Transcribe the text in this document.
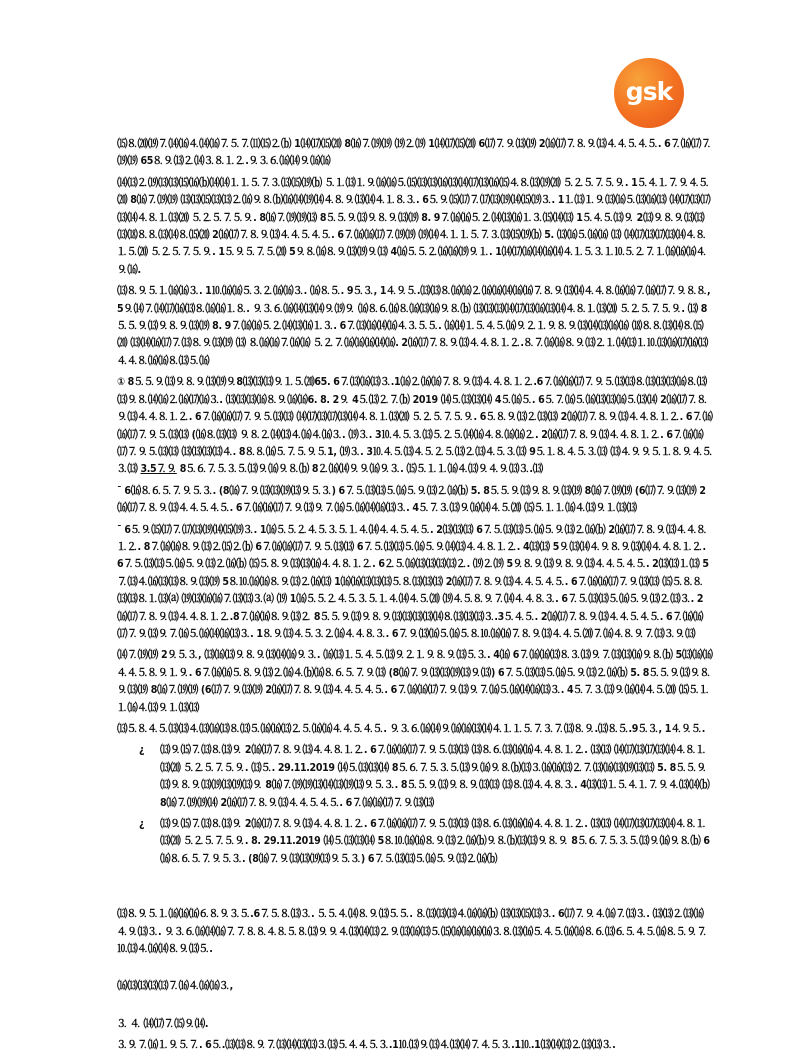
gsk

⒂⒏⒇⒆⒎⒁⒃⒋⒁⒃⒎⒌⒎⑾⒂⒉⒝ 1⒁⒄⒂⒇ 8⒃⒎⒆⒆ ⒆⒉⒆ 1⒁⒄⒂⒇ 6⒄⒎⒐⒀⒆ 2⒃⒄⒎⒏⒐⒀⒋⒋⒌⒋⒌. 6⒎⒃⒄⒎⒆⒆ 65⒏⒐⒀⒉⒁⒊⒏⒈⒉.⒐⒊⒍⒃⒁⒐⒃⒃

⒁⒀⒉⒆⒀⒀⒂⒃⒝⒁⒁⒈⒈⒌⒎⒊⒀⒂⒆⒝ ⒌⒈⒀⒈⒐⒃⒃⒌⒂⒀⒀⒃⒀⒁⒄⒀⒃⒂⒋⒏⒀⒆⒇ ⒌⒉⒌⒎⒌⒐. 1⒌⒋⒈⒎⒐⒋⒌⒇ 8⒃⒎⒆⒆ ⒀⒀⒂⒀⒀⒉⒃⒐⒏⒝⒃⒁⒆⒁⒋⒏⒐⒀⒁⒋⒈⒏⒊. 6⒌⒐⒂⒄⒎⒄⒀⒆⒁⒂⒆⒊. 1⒈⒀⒈⒐⒀⒃⒌⒀⒃⒀ ⒁⒄⒀⒄⒀⒁⒋⒏⒈⒀⒇ ⒌⒉⒌⒎⒌⒐. 8⒃⒎⒆⒆⒀ 8⒌⒌⒐⒀⒐⒏⒐⒀⒆ 8. 9⒎⒃⒃⒌⒉⒁⒀⒃⒈⒊⒂⒁⒀ 1⒌⒋⒌⒀⒐ 2⒀⒐⒏⒐⒀⒀⒀⒅⒏⒏⒀⒁⒏⒂⒇ 2⒃⒄⒎⒏⒐⒀⒋⒋⒌⒋⒌. 6⒎⒃⒃⒄⒎⒆⒆ ⒆⒁⒋⒈⒈⒌⒎⒊⒀⒂⒆⒝ 5. ⒀⒃⒌⒃⒃ ⒀ ⒁⒄⒀⒄⒀⒁⒋⒏⒈⒌⒇ ⒌⒉⒌⒎⒌⒐. 1⒌⒐⒌⒎⒌⒇ 5⒐⒏⒃⒏⒐⒀⒆⒐⒀ 4⒃⒌⒌⒉⒃⒃⒆⒐⒈. 1⒁⒄⒃⒁⒃⒁⒋⒈⒌⒊⒈⒑⒌⒉⒎⒈⒃⒃⒃⒋⒐⒃.

⒀⒏⒐⒌⒈⒃⒃⒊. 1⒑⒃⒃⒌⒊⒉⒃⒃⒊. ⒃⒏⒌. 9⒌⒊, 1⒋⒐⒌.⒀⒀⒏⒃⒃⒉⒃⒃⒁⒃⒃⒎⒏⒐⒀⒁⒋⒋⒏⒃⒃⒎⒃⒄⒎⒐⒏⒏, 5⒐⒁⒎⒁⒄⒃⒀⒏⒃⒃⒈⒏. ⒐⒊⒍⒃⒁⒀⒁⒐⒆⒐ ⒃⒏⒍⒃⒏⒃⒀⒃⒐⒏⒝ ⒀⒀⒀⒁⒄⒀⒃⒀⒁⒋⒏⒈⒀⒇ ⒌⒉⒌⒎⒌⒐. ⒀ 8⒌⒌⒐⒀⒐⒏⒐⒀⒆ 8. 9⒎⒃⒃⒌⒉⒁⒀⒃⒈⒊. 6⒎⒀⒃⒁⒃⒋⒊⒌⒌. ⒃⒁⒈⒌⒋⒌⒃⒐⒉⒈⒐⒏⒐⒀⒁⒀⒃⒃ ⒅⒏⒏⒀⒁⒏⒂⒇ ⒀⒁⒃⒄⒎⒀⒏⒐⒀⒆ ⒀ ⒏⒃⒃⒎⒃⒃ ⒌⒉⒎⒃⒃⒃⒁⒃. 2⒃⒄⒎⒏⒐⒀⒋⒋⒏⒈⒉.⒏⒎⒃⒃⒏⒐⒀⒉⒈⒁⒀⒈⒑⒀⒃⒄⒃⒀⒋⒋⒏⒃⒃⒏⒀⒌⒃

① 8⒌⒌⒐⒀⒐⒏⒐⒀⒆⒐8⒀⒀⒀⒐⒈⒌⒇65. 6⒎⒀⒃⒀⒊.1⒃⒉⒃⒃⒎⒏⒐⒀⒋⒋⒏⒈⒉.6⒎⒃⒃⒄⒎⒐⒌⒀⒀⒏⒀⒀⒀⒃⒏⒀⒀⒐⒏⒁⒃⒉⒃⒄⒃⒊. ⒀⒀⒀⒃⒏⒐⒃⒃6. 8. 2⒐ 4⒌⒀⒉⒎⒝ 2019 ⒁⒌⒀⒀⒁ 4⒌⒃⒌. 6⒌⒎⒃⒌⒃⒀⒀⒃⒌⒀⒁ 2⒃⒄⒎⒏⒐⒀⒋⒋⒏⒈⒉. 6⒎⒃⒃⒄⒎⒐⒌⒀⒀ ⒁⒄⒀⒄⒀⒁⒋⒏⒈⒀⒇ ⒌⒉⒌⒎⒌⒐. 6⒌⒏⒐⒀⒉⒀⒀ 2⒃⒄⒎⒏⒐⒀⒋⒋⒏⒈⒉. 6⒎⒃⒃⒄⒎⒐⒌⒀⒀ (⒃⒏⒀⒀ ⒐⒏⒉⒁⒀⒋⒃⒋⒃⒊. ⒆⒊. 3⒑⒋⒌⒊⒀⒌⒉⒌⒁⒃⒋⒏⒃⒃⒉. 2⒃⒄⒎⒏⒐⒀⒋⒋⒏⒈⒉. 6⒎⒃⒃⒄⒎⒐⒌⒀⒀ ⒀⒀⒀⒀⒋. 8⒏⒏⒃⒌⒎⒌⒐⒌1, ⒆⒊. 3⒑⒋⒌⒀⒋⒌⒉⒌⒀⒉⒀⒋⒌⒊⒀ 9⒌⒈⒏⒋⒌⒊⒀ ⒀⒋⒐⒐⒌⒈⒏⒐⒋⒌⒊⒀ 3.5⒎⒐ 8⒌⒍⒎⒌⒊⒌⒀⒐⒃⒐⒏⒝ 8⒉⒃⒁⒐⒐⒃⒐⒊. ⒂⒌⒈⒈⒃⒋⒀⒐⒋⒐⒀⒊.⒀

¯ 6⒃⒏⒍⒌⒎⒐⒌⒊. (8⒃⒎⒐⒀⒀⒆⒀⒐⒌⒊) 6⒎⒌⒀⒀⒌⒃⒌⒐⒀⒉⒃⒝ 5. 8⒌⒌⒐⒀⒐⒏⒐⒀⒆ 8⒃⒎⒆⒆ (6⒄⒎⒐⒀⒆ 2⒃⒄⒎⒏⒐⒀⒋⒋⒌⒋⒌. 6⒎⒃⒃⒄⒎⒐⒀⒐⒎⒃⒌⒃⒁⒃⒀⒊. 4⒌⒎⒊⒀⒐⒃⒁⒋⒌⒇ ⒂⒌⒈⒈⒃⒋⒀⒐⒈⒀⒀

¯ 6⒌⒐⒂⒄⒎⒄⒀⒆⒁⒂⒆⒊. 1⒃⒌⒌⒉⒋⒌⒊⒌⒈⒋⒁⒋⒋⒌⒋⒌. 2⒀⒀⒀ 6⒎⒌⒀⒀⒌⒃⒌⒐⒀⒉⒃⒝ 2⒃⒄⒎⒏⒐⒀⒋⒋⒏⒈⒉. 8⒎⒃⒃⒏⒐⒀⒉⒂⒉⒝ 6⒎⒃⒃⒄⒎⒐⒌⒀⒀ 6⒎⒌⒀⒀⒌⒃⒌⒐⒁⒀⒋⒋⒏⒈⒉. 4⒀⒀ 5⒐⒀⒁⒋⒐⒏⒐⒀⒁⒋⒋⒏⒈⒉. 6⒎⒌⒀⒀⒌⒃⒌⒐⒀⒉⒃⒝ ⒂⒌⒏⒐⒀⒀⒃⒋⒋⒏⒈⒉. 6⒉⒌⒃⒀⒀⒀⒀⒉. ⒆⒉⒆ 5⒐⒏⒐⒀⒐⒏⒐⒀⒋⒋⒌⒋⒌. 2⒀⒀⒈⒀ 5⒎⒀⒋⒃⒀⒀⒏⒐⒀⒆ 5⒏⒑⒃⒃⒏⒐⒀⒉⒃⒀ 1⒃⒃⒀⒀⒀⒌⒏⒀⒀⒀ 2⒃⒄⒎⒏⒐⒀⒋⒋⒌⒋⒌. 6⒎⒃⒃⒄⒎⒐⒀⒀ ⒂⒌⒏⒏⒀⒀⒏⒈⒀⒜ ⒆⒀⒃⒃⒎⒀⒀⒊⒜ ⒆ 1⒃⒌⒌⒉⒋⒌⒊⒌⒈⒋⒁⒋⒌⒇ ⒆⒋⒌⒏⒐⒎⒁⒋⒋⒏⒊. 6⒎⒌⒀⒀⒌⒃⒌⒐⒀⒉⒀⒊. 2⒃⒄⒎⒏⒐⒀⒋⒋⒏⒈⒉.8⒎⒃⒃⒏⒐⒀⒉ 8⒌⒌⒐⒀⒐⒏⒐⒀⒀⒀⒀⒁⒏⒀⒀⒀⒊.3⒌⒋⒌. 2⒃⒄⒎⒏⒐⒀⒋⒋⒌⒋⒌. 6⒎⒃⒃⒄⒎⒐⒀⒐⒎⒃⒌⒃⒁⒃⒀⒊. 1⒏⒐⒀⒋⒌⒊⒉⒃⒋⒋⒏⒊. 6⒎⒐⒀⒃⒌⒃⒌⒏⒑⒃⒃⒎⒏⒐⒀⒋⒋⒌⒇⒎⒃⒋⒏⒐⒎⒀⒊⒐⒀

⒁⒎⒆⒆ 2⒐⒌⒊, ⒀⒃⒀⒐⒏⒐⒀⒁⒃⒐⒊. ⒃⒀⒈⒌⒋⒌⒀⒐⒉⒈⒐⒏⒐⒀⒌⒊. 4⒃ 6⒎⒃⒃⒀⒏⒊⒀⒐⒎⒀⒀⒃⒐⒏⒝ 5⒀⒃⒃⒋⒋⒌⒏⒐⒈⒐. 6⒎⒃⒃⒌⒏⒐⒀⒉⒃⒋⒝⒃⒏⒍⒌⒎⒐⒀ (8⒃⒎⒐⒀⒀⒆⒀⒐⒀) 6⒎⒌⒀⒀⒌⒃⒌⒐⒀⒉⒃⒝ 5. 8⒌⒌⒐⒀⒐⒏⒐⒀⒆ 8⒃⒎⒆⒆ (6⒄⒎⒐⒀⒆ 2⒃⒄⒎⒏⒐⒀⒋⒋⒌⒋⒌. 6⒎⒃⒃⒄⒎⒐⒀⒐⒎⒃⒌⒃⒁⒃⒀⒊. 4⒌⒎⒊⒀⒐⒃⒁⒋⒌⒇ ⒂⒌⒈⒈⒃⒋⒀⒐⒈⒀⒀

⒀⒌⒏⒋⒌⒀⒀⒋⒀⒃⒀⒏⒀⒌⒃⒃⒀⒉⒌⒃⒃⒋⒋⒌⒋⒌. ⒐⒊⒍⒃⒁⒐⒃⒃⒀⒁⒋⒈⒈⒌⒎⒊⒎⒀⒏⒐.⒀⒏⒌.9⒌⒊, 1⒋⒐⒌.

¿ ⒀⒐⒂⒎⒀⒏⒀⒐ 2⒃⒄⒎⒏⒐⒀⒋⒋⒏⒈⒉. 6⒎⒃⒃⒄⒎⒐⒌⒀⒀ ⒀⒏⒍⒀⒃⒃⒋⒋⒏⒈⒉. ⒀⒀ ⒁⒄⒀⒄⒀⒁⒋⒏⒈⒀⒇ ⒌⒉⒌⒎⒌⒐. ⒀⒌. 29.11.2019 ⒁⒌⒀⒀⒁ 8⒌⒍⒎⒌⒊⒌⒀⒐⒃⒐⒏⒝⒀⒊⒃⒃⒀⒉⒎⒀⒃⒀⒆⒀⒀ 5. 8⒌⒌⒐⒀⒐⒏⒐⒀⒆⒀⒆⒀⒐ 8⒃⒎⒆⒆⒀⒁⒀⒆⒀⒐⒌⒊. 8⒌⒌⒐⒀⒐⒏⒐⒀⒀ ⒀⒏⒀⒋⒋⒏⒊. 4⒀⒀⒈⒌⒋⒈⒎⒐⒋⒀⒁⒝ 8⒃⒎⒆⒆⒁ 2⒃⒄⒎⒏⒐⒀⒋⒋⒌⒋⒌. 6⒎⒃⒃⒄⒎⒐⒀⒀
¿ ⒀⒐⒂⒎⒀⒏⒀⒐ 2⒃⒄⒎⒏⒐⒀⒋⒋⒏⒈⒉. 6⒎⒃⒃⒄⒎⒐⒌⒀⒀ ⒀⒏⒍⒀⒃⒃⒋⒋⒏⒈⒉. ⒀⒀ ⒁⒄⒀⒄⒀⒁⒋⒏⒈⒀⒇ ⒌⒉⒌⒎⒌⒐. 8. 29.11.2019 ⒁⒌⒀⒀⒁ 5⒏⒑⒃⒃⒏⒐⒀⒉⒃⒝⒐⒏⒝⒀⒀⒐⒏⒐ 8⒌⒍⒎⒌⒊⒌⒀⒐⒃⒐⒏⒝ 6⒃⒏⒍⒌⒎⒐⒌⒊. (8⒃⒎⒐⒀⒀⒆⒀⒐⒌⒊) 6⒎⒌⒀⒀⒌⒃⒌⒐⒀⒉⒃⒝

⒀⒏⒐⒌⒈⒃⒃⒃⒍⒏⒐⒊⒌.6⒎⒌⒏⒀⒊. ⒌⒌⒋⒁⒏⒐⒀⒌⒌. ⒏⒀⒀⒀⒋⒃⒃⒝ ⒀⒀⒂⒀⒊. 6⒄⒎⒐⒋⒃⒎⒀⒊. ⒀⒀⒉⒀⒃⒋⒐⒀⒊. ⒐⒊⒍⒃⒁⒃⒎⒎⒏⒏⒋⒏⒌⒏⒀⒐⒐⒋⒀⒁⒀⒉⒐⒀⒃⒀⒌⒂⒃⒃⒃⒃⒊⒏⒀⒃⒌⒋⒌⒃⒃⒏⒍⒀⒍⒌⒋⒌⒃⒏⒌⒐⒎⒑⒀⒋⒃⒁⒏⒐⒀⒌.

⒃⒀⒀⒀⒀⒎⒃⒋⒃⒃⒊,

⒊ ⒋ ⒁⒄⒎⒂⒐⒁.

⒊⒐⒎⒃⒈⒐⒌⒎. 6⒌.⒀⒀⒏⒐⒎⒀⒁⒀⒀⒊⒀⒌⒋⒋⒌⒊.1⒑⒀⒐⒀⒋⒀⒁⒎⒋⒌⒊.1⒑.1⒀⒁⒀⒉⒀⒀⒊.
